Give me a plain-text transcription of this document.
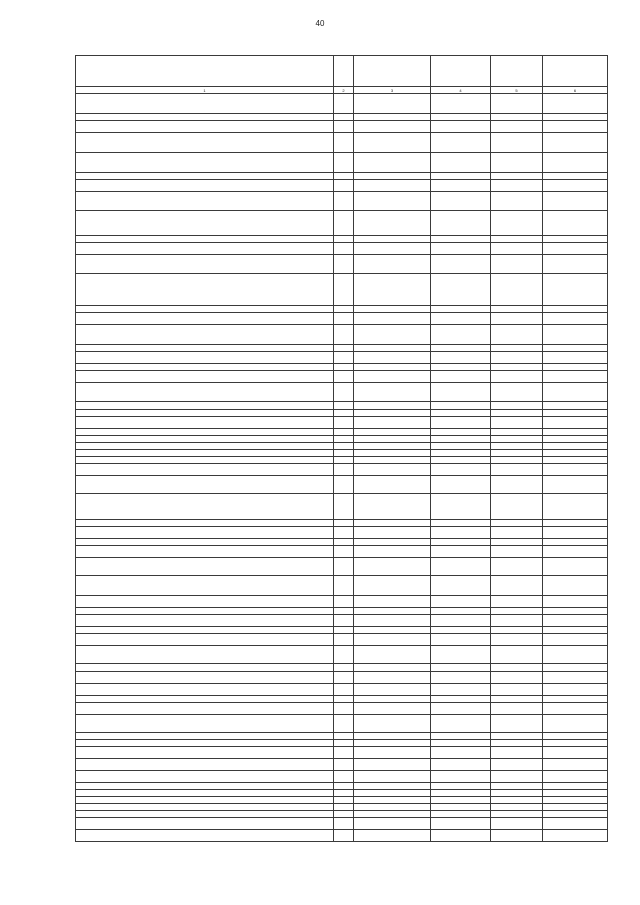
40

1	2	3	4	5	6
